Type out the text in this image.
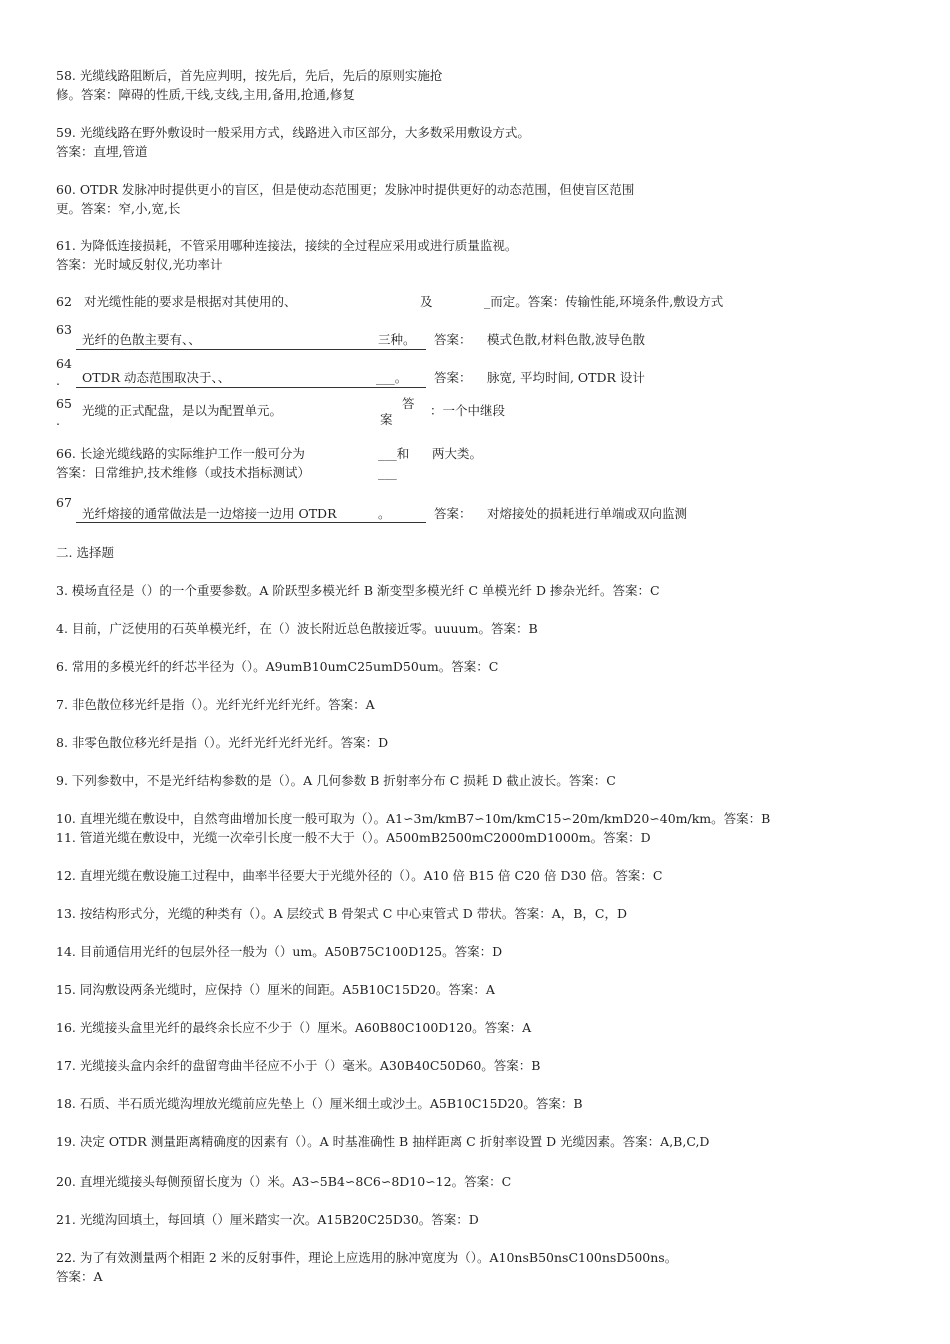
58. 光缆线路阻断后，首先应判明，按先后，先后，先后的原则实施抢
修。答案：障碍的性质,干线,支线,主用,备用,抢通,修复
59. 光缆线路在野外敷设时一般采用方式，线路进入市区部分，大多数采用敷设方式。
答案：直埋,管道
60. OTDR 发脉冲时提供更小的盲区，但是使动态范围更；发脉冲时提供更好的动态范围，但使盲区范围
更。答案：窄,小,宽,长
61. 为降低连接损耗，不管采用哪种连接法，接续的全过程应采用或进行质量监视。
答案：光时域反射仪,光功率计
62 对光缆性能的要求是根据对其使用的、	及	_而定。答案：传输性能,环境条件,敷设方式
63
光纤的色散主要有、、	三种。 答案： 模式色散,材料色散,波导色散
64
. OTDR 动态范围取决于、、	___。 答案： 脉宽, 平均时间, OTDR 设计
65
.
光缆的正式配盘，是以为配置单元。	答
案
：一个中继段
66. 长途光缆线路的实际维护工作一般可分为	___和 两大类。
答案：日常维护,技术维修（或技术指标测试）	___
67
光纤熔接的通常做法是一边熔接一边用 OTDR	。	答案： 对熔接处的损耗进行单端或双向监测
二. 选择题
3. 模场直径是（）的一个重要参数。A 阶跃型多模光纤 B 渐变型多模光纤 C 单模光纤 D 掺杂光纤。答案：C
4. 目前，广泛使用的石英单模光纤，在（）波长附近总色散接近零。uuuum。答案：B
6. 常用的多模光纤的纤芯半径为（）。A9umB10umC25umD50um。答案：C
7. 非色散位移光纤是指（）。光纤光纤光纤光纤。答案：A
8. 非零色散位移光纤是指（）。光纤光纤光纤光纤。答案：D
9. 下列参数中，不是光纤结构参数的是（）。A 几何参数 B 折射率分布 C 损耗 D 截止波长。答案：C
10. 直埋光缆在敷设中，自然弯曲增加长度一般可取为（）。A1∽3m/kmB7∽10m/kmC15∽20m/kmD20∽40m/km。答案：B
11. 管道光缆在敷设中，光缆一次牵引长度一般不大于（）。A500mB2500mC2000mD1000m。答案：D
12. 直埋光缆在敷设施工过程中，曲率半径要大于光缆外径的（）。A10 倍 B15 倍 C20 倍 D30 倍。答案：C
13. 按结构形式分，光缆的种类有（）。A 层绞式 B 骨架式 C 中心束管式 D 带状。答案：A，B，C，D
14. 目前通信用光纤的包层外径一般为（）um。A50B75C100D125。答案：D
15. 同沟敷设两条光缆时，应保持（）厘米的间距。A5B10C15D20。答案：A
16. 光缆接头盒里光纤的最终余长应不少于（）厘米。A60B80C100D120。答案：A
17. 光缆接头盒内余纤的盘留弯曲半径应不小于（）毫米。A30B40C50D60。答案：B
18. 石质、半石质光缆沟埋放光缆前应先垫上（）厘米细土或沙土。A5B10C15D20。答案：B
19. 决定 OTDR 测量距离精确度的因素有（）。A 时基准确性 B 抽样距离 C 折射率设置 D 光缆因素。答案：A,B,C,D
20. 直埋光缆接头每侧预留长度为（）米。A3∽5B4∽8C6∽8D10∽12。答案：C
21. 光缆沟回填土，每回填（）厘米踏实一次。A15B20C25D30。答案：D
22. 为了有效测量两个相距 2 米的反射事件，理论上应选用的脉冲宽度为（）。A10nsB50nsC100nsD500ns。
答案：A
